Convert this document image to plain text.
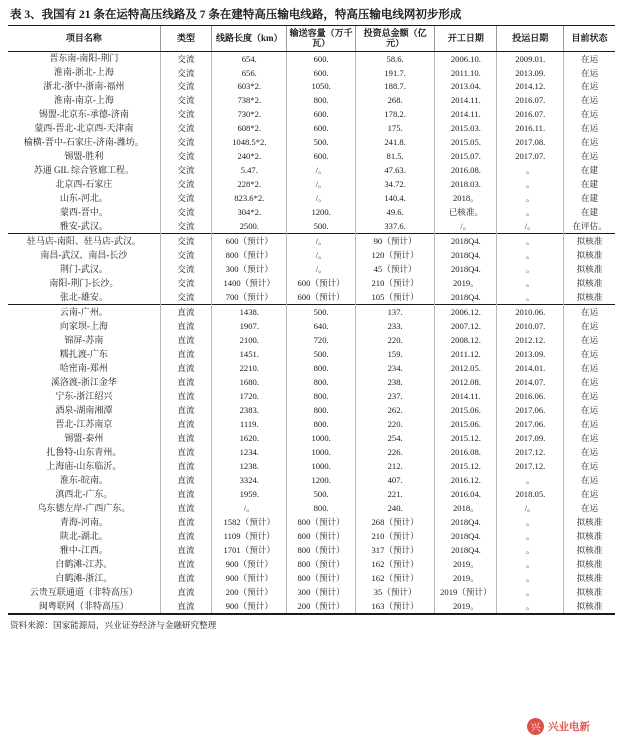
表 3、我国有 21 条在运特高压线路及 7 条在建特高压输电线路，特高压输电线网初步形成
项目名称	类型	线路长度（km）	输送容量（万千瓦）	投资总金额（亿元）	开工日期	投运日期	目前状态
晋东南-南阳-荆门	交流	654.	600.	58.6.	2006.10.	2009.01.	在运
淮南-浙北-上海	交流	656.	600.	191.7.	2011.10.	2013.09.	在运
浙北-浙中-浙南-福州	交流	603*2.	1050.	188.7.	2013.04.	2014.12.	在运
淮南-南京-上海	交流	738*2.	800.	268.	2014.11.	2016.07.	在运
锡盟-北京东-承德-济南	交流	730*2.	600.	178.2.	2014.11.	2016.07.	在运
蒙西-晋北-北京西-天津南	交流	608*2.	600.	175.	2015.03.	2016.11.	在运
榆横-晋中-石家庄-济南-潍坊。	交流	1048.5*2.	500.	241.8.	2015.05.	2017.08.	在运
锡盟-胜利	交流	240*2.	600.	81.5.	2015.07.	2017.07.	在运
苏通 GIL 综合管廊工程。	交流	5.47.	/。	47.63.	2016.08.	。	在建
北京西-石家庄	交流	228*2.	/。	34.72.	2018.03.	。	在建
山东-河北。	交流	823.6*2.	/。	140.4.	2018。	。	在建
蒙西-晋中。	交流	304*2.	1200.	49.6.	已核准。	。	在建
雅安-武汉。	交流	2500.	500.	337.6.	/。	/。	在评估。
驻马店-南阳、驻马店-武汉。	交流	600（预计）	/。	90（预计）	2018Q4.	。	拟核准
南昌-武汉、南昌-长沙	交流	800（预计）	/。	120（预计）	2018Q4.	。	拟核准
荆门-武汉。	交流	300（预计）	/。	45（预计）	2018Q4.	。	拟核准
南阳-荆门-长沙。	交流	1400（预计）	600（预计）	210（预计）	2019。	。	拟核准
张北-雄安。	交流	700（预计）	600（预计）	105（预计）	2018Q4.	。	拟核准
云南-广州。	直流	1438.	500.	137.	2006.12.	2010.06.	在运
向家坝-上海	直流	1907.	640.	233.	2007.12.	2010.07.	在运
锦屏-苏南	直流	2100.	720.	220.	2008.12.	2012.12.	在运
糯扎渡-广东	直流	1451.	500.	159.	2011.12.	2013.09.	在运
哈密南-郑州	直流	2210.	800.	234.	2012.05.	2014.01.	在运
溪洛渡-浙江金华	直流	1680.	800.	238.	2012.08.	2014.07.	在运
宁东-浙江绍兴	直流	1720.	800.	237.	2014.11.	2016.06.	在运
酒泉-湖南湘潭	直流	2383.	800.	262.	2015.06.	2017.06.	在运
晋北-江苏南京	直流	1119.	800.	220.	2015.06.	2017.06.	在运
锡盟-泰州	直流	1620.	1000.	254.	2015.12.	2017.09.	在运
扎鲁特-山东青州。	直流	1234.	1000.	226.	2016.08.	2017.12.	在运
上海庙-山东临沂。	直流	1238.	1000.	212.	2015.12.	2017.12.	在运
淮东-皖南。	直流	3324.	1200.	407.	2016.12.	。	在运
滇西北-广东。	直流	1959.	500.	221.	2016.04.	2018.05.	在运
乌东德左岸-广西广东。	直流	/。	800.	240.	2018。	/。	在运
青海-河南。	直流	1582（预计）	800（预计）	268（预计）	2018Q4.	。	拟核准
陕北-湖北。	直流	1109（预计）	800（预计）	210（预计）	2018Q4.	。	拟核准
雅中-江西。	直流	1701（预计）	800（预计）	317（预计）	2018Q4.	。	拟核准
白鹤滩-江苏。	直流	900（预计）	800（预计）	162（预计）	2019。	。	拟核准
白鹤滩-浙江。	直流	900（预计）	800（预计）	162（预计）	2019。	。	拟核准
云贵互联通道（非特高压）	直流	200（预计）	300（预计）	35（预计）	2019（预计）	。	拟核准
闽粤联网（非特高压）	直流	900（预计）	200（预计）	163（预计）	2019。	。	拟核准
资料来源：国家能源局，兴业证券经济与金融研究整理
兴 兴业电新
